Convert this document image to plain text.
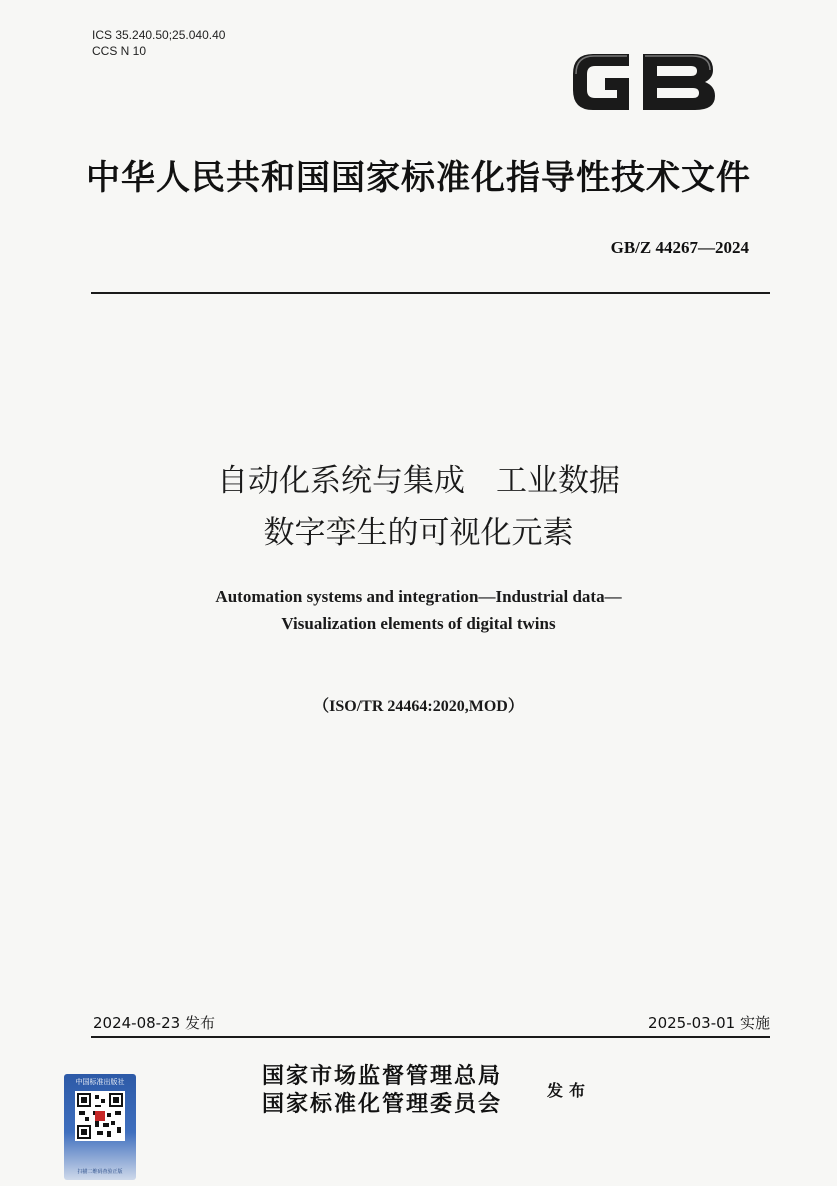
ICS 35.240.50;25.040.40
CCS N 10
中华人民共和国国家标准化指导性技术文件
GB/Z 44267—2024
自动化系统与集成　工业数据
数字孪生的可视化元素
Automation systems and integration—Industrial data—
Visualization elements of digital twins
（ISO/TR 24464:2020,MOD）
2024-08-23 发布	2025-03-01 实施
中国标准出版社
扫描二维码查验正版
国家市场监督管理总局
国家标准化管理委员会
发布
